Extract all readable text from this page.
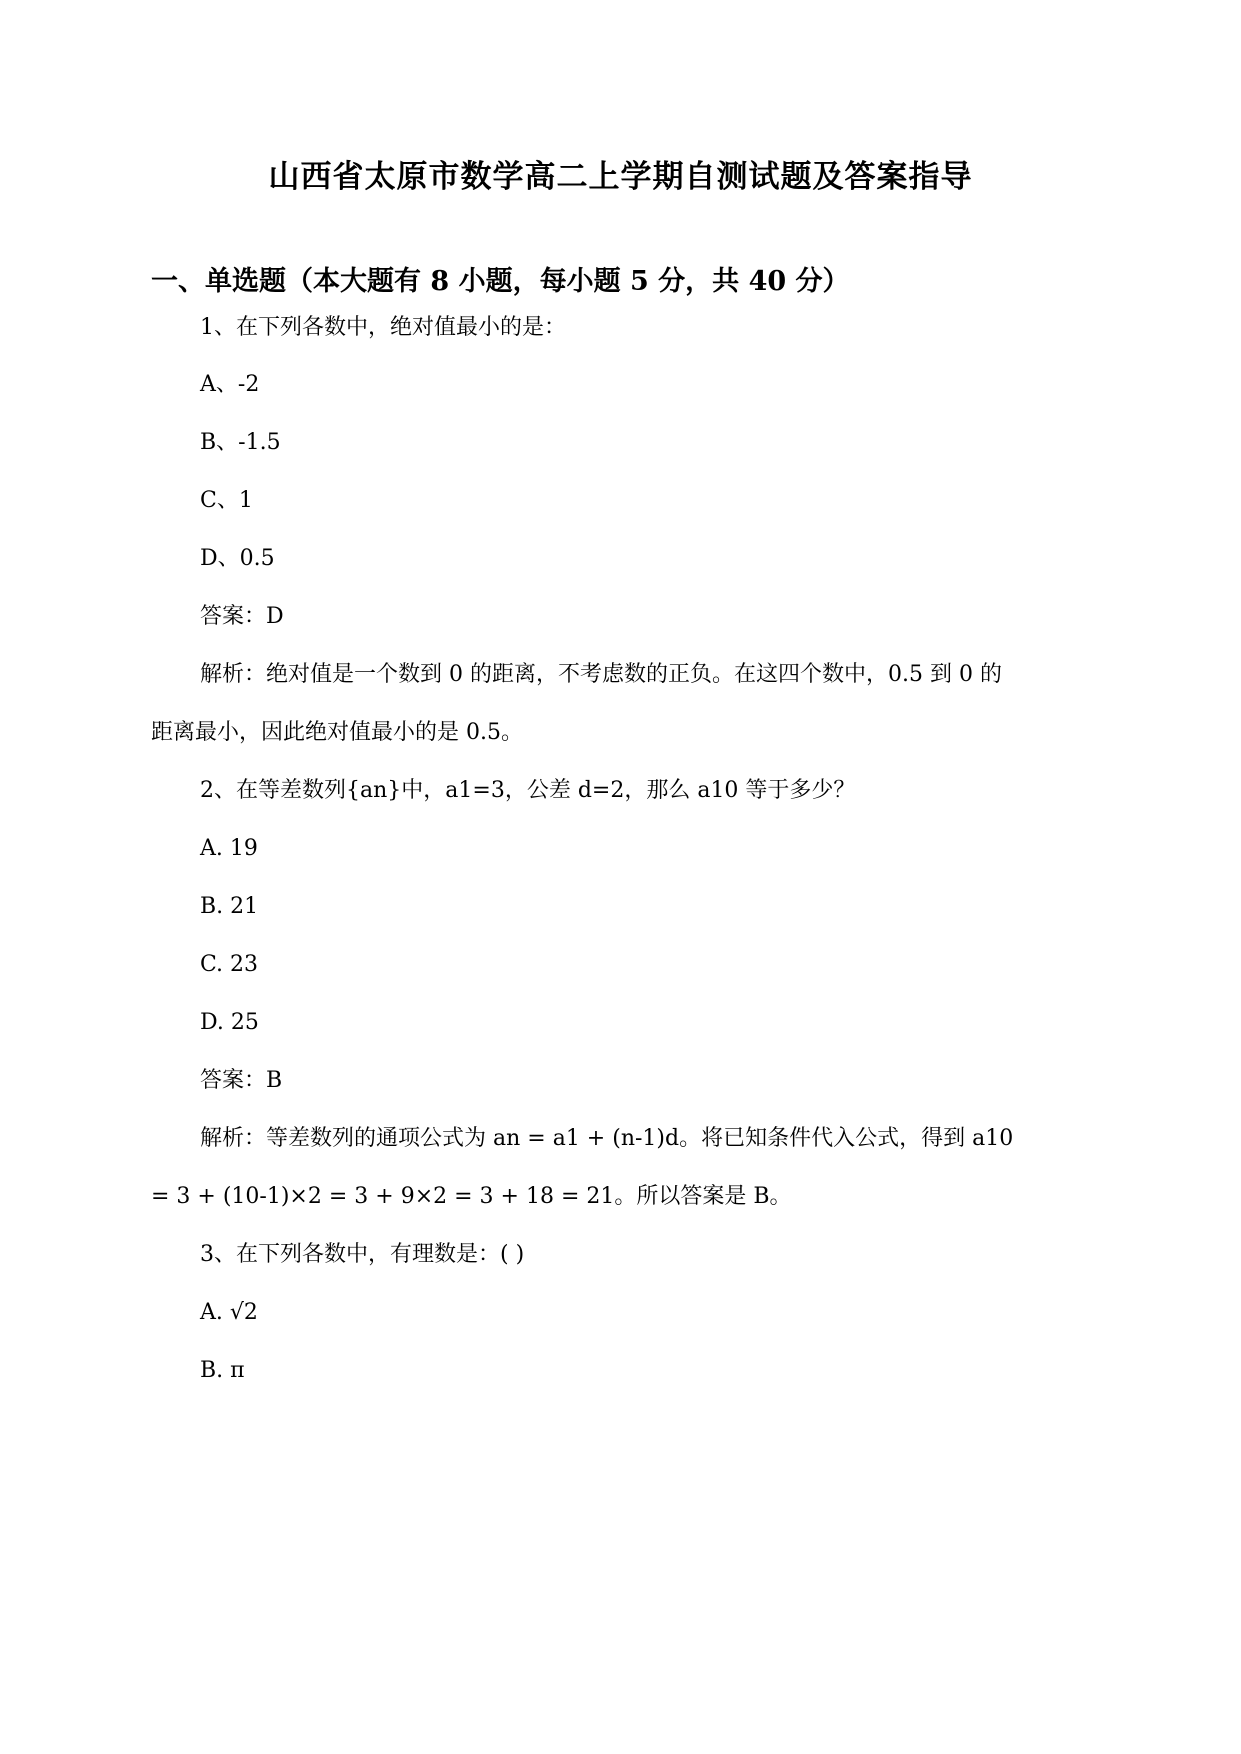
山西省太原市数学高二上学期自测试题及答案指导
一、单选题（本大题有 8 小题，每小题 5 分，共 40 分）
1、在下列各数中，绝对值最小的是：
A、-2
B、-1.5
C、1
D、0.5
答案：D
解析：绝对值是一个数到 0 的距离，不考虑数的正负。在这四个数中，0.5 到 0 的
距离最小，因此绝对值最小的是 0.5。
2、在等差数列{an}中，a1=3，公差 d=2，那么 a10 等于多少？
A. 19
B. 21
C. 23
D. 25
答案：B
解析：等差数列的通项公式为 an = a1 + (n-1)d。将已知条件代入公式，得到 a10
= 3 + (10-1)×2 = 3 + 9×2 = 3 + 18 = 21。所以答案是 B。
3、在下列各数中，有理数是：( )
A. √2
B. π
